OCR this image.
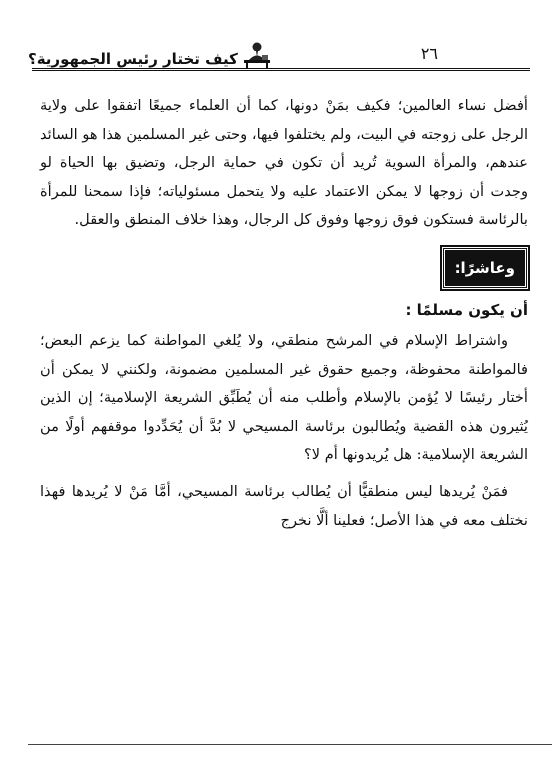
كيف تختار رئيس الجمهورية؟	٢٦

أفضل نساء العالمين؛ فكيف بمَنْ دونها، كما أن العلماء جميعًا اتفقوا على ولاية الرجل على زوجته في البيت، ولم يختلفوا فيها، وحتى غير المسلمين هذا هو السائد عندهم، والمرأة السوية تُريد أن تكون في حماية الرجل، وتضيق بها الحياة لو وجدت أن زوجها لا يمكن الاعتماد عليه ولا يتحمل مسئولياته؛ فإذا سمحنا للمرأة بالرئاسة فستكون فوق زوجها وفوق كل الرجال، وهذا خلاف المنطق والعقل.

وعاشرًا:
أن يكون مسلمًا :

واشتراط الإسلام في المرشح منطقي، ولا يُلغي المواطنة كما يزعم البعض؛ فالمواطنة محفوظة، وجميع حقوق غير المسلمين مضمونة، ولكنني لا يمكن أن أختار رئيسًا لا يُؤمن بالإسلام وأطلب منه أن يُطَبِّق الشريعة الإسلامية؛ إن الذين يُثيرون هذه القضية ويُطالبون برئاسة المسيحي لا بُدَّ أن يُحَدِّدوا موقفهم أولًا من الشريعة الإسلامية: هل يُريدونها أم لا؟

فمَنْ يُريدها ليس منطقيًّا أن يُطالب برئاسة المسيحي، أمَّا مَنْ لا يُريدها فهذا نختلف معه في هذا الأصل؛ فعلينا ألَّا نخرج
